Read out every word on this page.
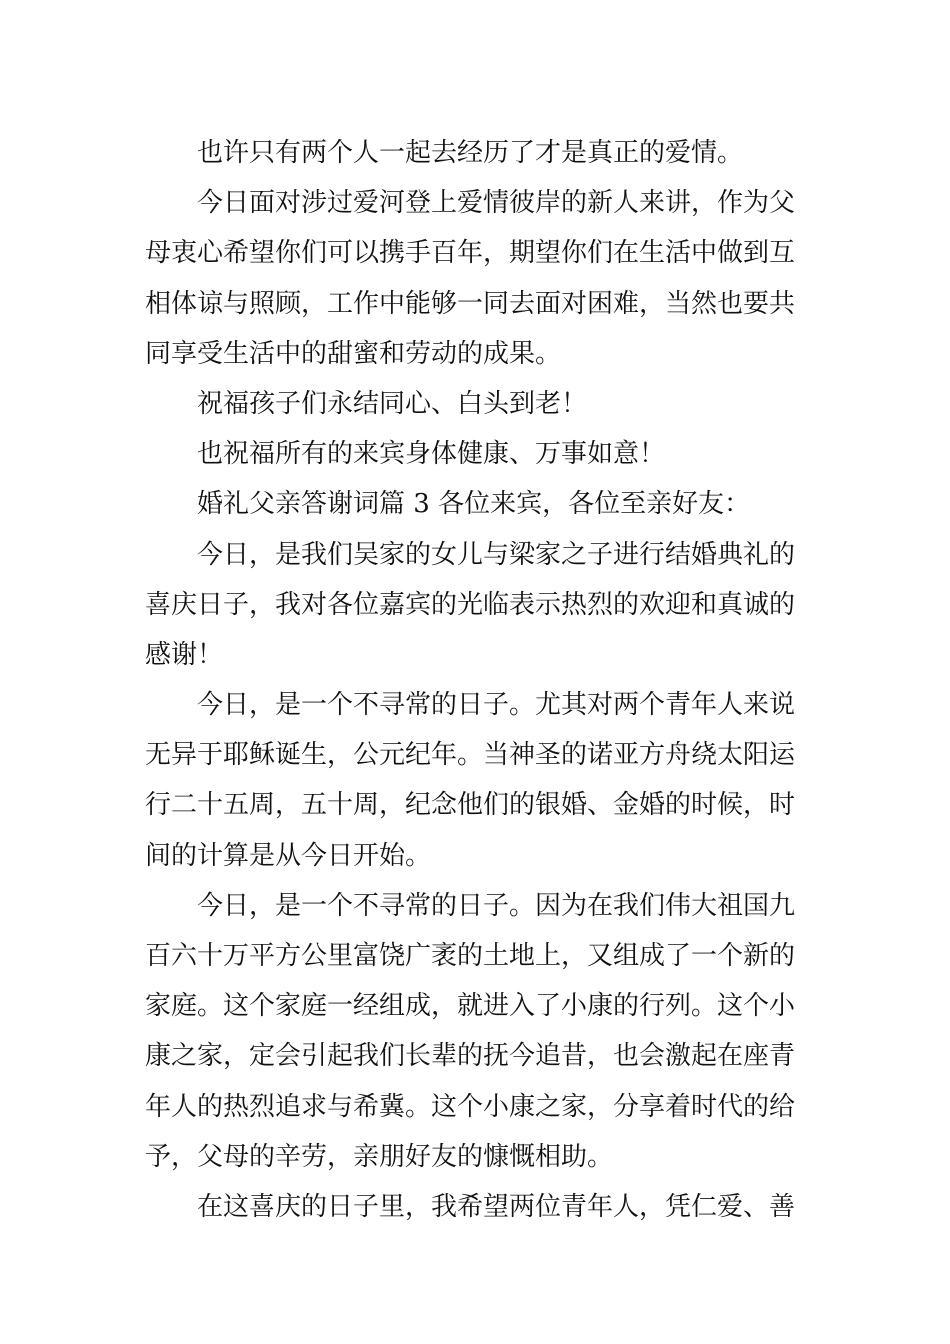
也许只有两个人一起去经历了才是真正的爱情。
今日面对涉过爱河登上爱情彼岸的新人来讲，作为父
母衷心希望你们可以携手百年，期望你们在生活中做到互
相体谅与照顾，工作中能够一同去面对困难，当然也要共
同享受生活中的甜蜜和劳动的成果。
祝福孩子们永结同心、白头到老！
也祝福所有的来宾身体健康、万事如意！
婚礼父亲答谢词篇 3 各位来宾，各位至亲好友：
今日，是我们吴家的女儿与梁家之子进行结婚典礼的
喜庆日子，我对各位嘉宾的光临表示热烈的欢迎和真诚的
感谢！
今日，是一个不寻常的日子。尤其对两个青年人来说
无异于耶稣诞生，公元纪年。当神圣的诺亚方舟绕太阳运
行二十五周，五十周，纪念他们的银婚、金婚的时候，时
间的计算是从今日开始。
今日，是一个不寻常的日子。因为在我们伟大祖国九
百六十万平方公里富饶广袤的土地上，又组成了一个新的
家庭。这个家庭一经组成，就进入了小康的行列。这个小
康之家，定会引起我们长辈的抚今追昔，也会激起在座青
年人的热烈追求与希冀。这个小康之家，分享着时代的给
予，父母的辛劳，亲朋好友的慷慨相助。
在这喜庆的日子里，我希望两位青年人，凭仁爱、善
